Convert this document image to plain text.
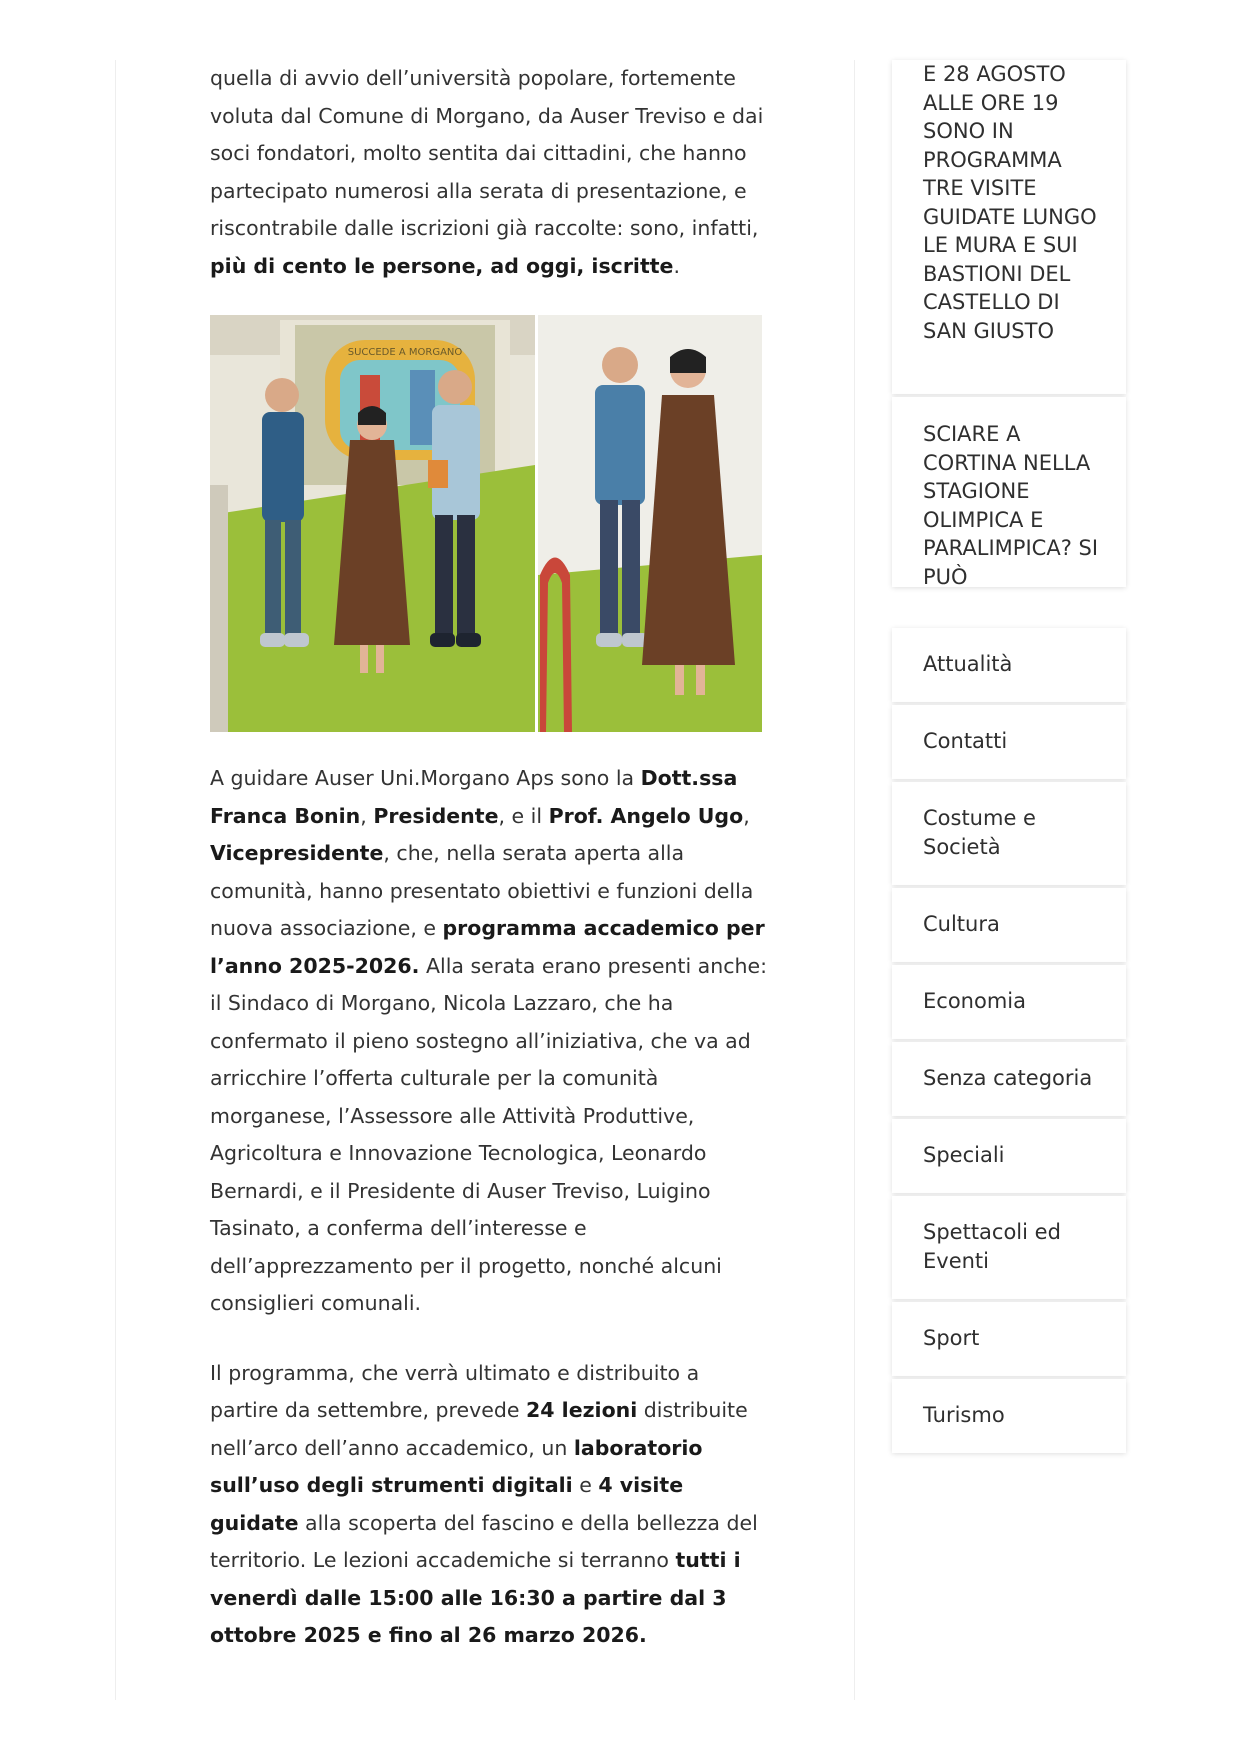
quella di avvio dell’università popolare, fortemente voluta dal Comune di Morgano, da Auser Treviso e dai soci fondatori, molto sentita dai cittadini, che hanno partecipato numerosi alla serata di presentazione, e riscontrabile dalle iscrizioni già raccolte: sono, infatti, più di cento le persone, ad oggi, iscritte.

SUCCEDE A MORGANO

A guidare Auser Uni.Morgano Aps sono la Dott.ssa Franca Bonin, Presidente, e il Prof. Angelo Ugo, Vicepresidente, che, nella serata aperta alla comunità, hanno presentato obiettivi e funzioni della nuova associazione, e programma accademico per l’anno 2025-2026. Alla serata erano presenti anche: il Sindaco di Morgano, Nicola Lazzaro, che ha confermato il pieno sostegno all’iniziativa, che va ad arricchire l’offerta culturale per la comunità morganese, l’Assessore alle Attività Produttive, Agricoltura e Innovazione Tecnologica, Leonardo Bernardi, e il Presidente di Auser Treviso, Luigino Tasinato, a conferma dell’interesse e dell’apprezzamento per il progetto, nonché alcuni consiglieri comunali.

Il programma, che verrà ultimato e distribuito a partire da settembre, prevede 24 lezioni distribuite nell’arco dell’anno accademico, un laboratorio sull’uso degli strumenti digitali e 4 visite guidate alla scoperta del fascino e della bellezza del territorio. Le lezioni accademiche si terranno tutti i venerdì dalle 15:00 alle 16:30 a partire dal 3 ottobre 2025 e fino al 26 marzo 2026.

E 28 AGOSTO ALLE ORE 19 SONO IN PROGRAMMA TRE VISITE GUIDATE LUNGO LE MURA E SUI BASTIONI DEL CASTELLO DI SAN GIUSTO
SCIARE A CORTINA NELLA STAGIONE OLIMPICA E PARALIMPICA? SI PUÒ
Attualità
Contatti
Costume e Società
Cultura
Economia
Senza categoria
Speciali
Spettacoli ed Eventi
Sport
Turismo
